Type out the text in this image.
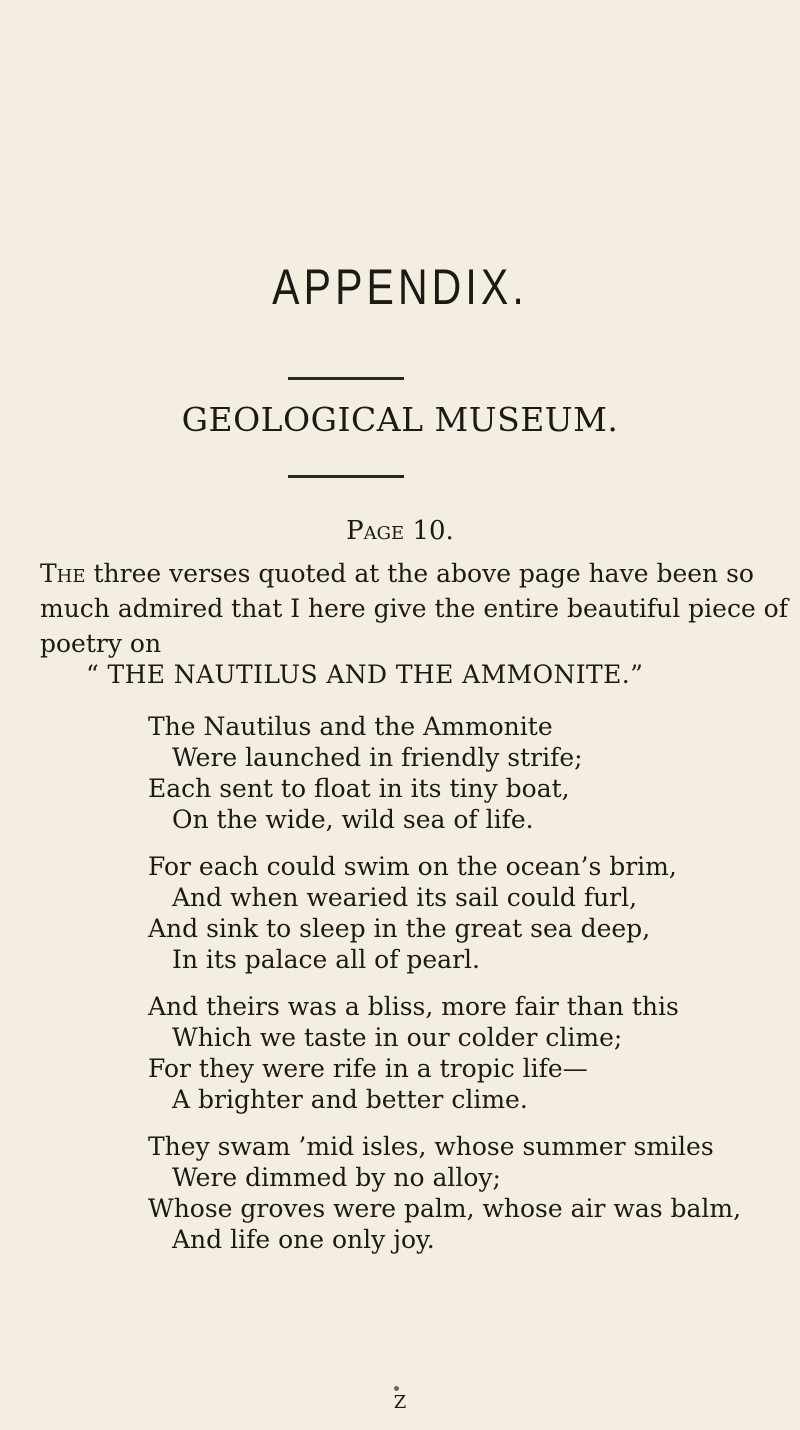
APPENDIX.
GEOLOGICAL MUSEUM.
Page 10.

The three verses quoted at the above page have been so
much admired that I here give the entire beautiful piece of
poetry on

“ THE NAUTILUS AND THE AMMONITE.”
The Nautilus and the Ammonite
Were launched in friendly strife;
Each sent to float in its tiny boat,
On the wide, wild sea of life.
For each could swim on the ocean’s brim,
And when wearied its sail could furl,
And sink to sleep in the great sea deep,
In its palace all of pearl.
And theirs was a bliss, more fair than this
Which we taste in our colder clime;
For they were rife in a tropic life—
A brighter and better clime.
They swam ’mid isles, whose summer smiles
Were dimmed by no alloy;
Whose groves were palm, whose air was balm,
And life one only joy.
Z
